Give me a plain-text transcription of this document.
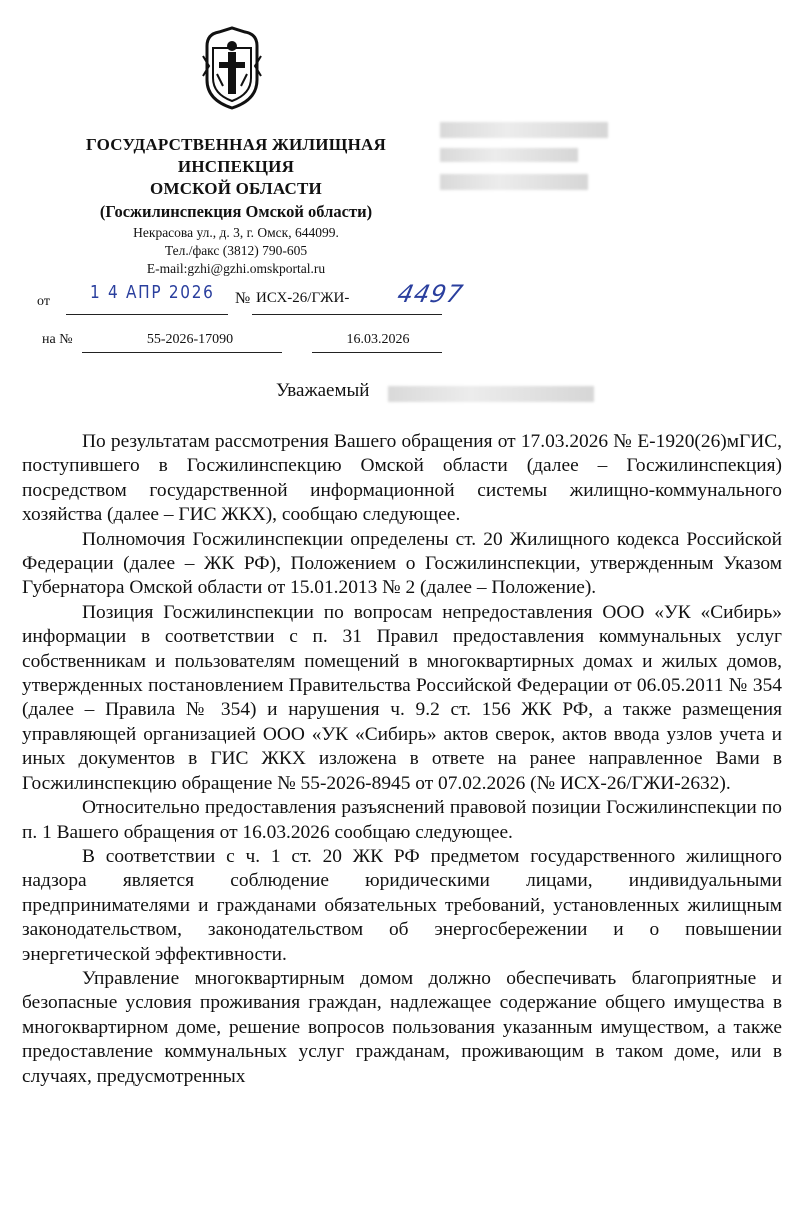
ГОСУДАРСТВЕННАЯ ЖИЛИЩНАЯ
ИНСПЕКЦИЯ
ОМСКОЙ ОБЛАСТИ
(Госжилинспекция Омской области)
Некрасова ул., д. 3, г. Омск, 644099.
Тел./факс (3812) 790-605
E-mail:gzhi@gzhi.omskportal.ru
от 1 4 АПР 2026 № ИСХ-26/ГЖИ- 4497
на №	55-2026-17090	16.03.2026
Уважаемый

По результатам рассмотрения Вашего обращения от 17.03.2026 № Е-1920(26)мГИС, поступившего в Госжилинспекцию Омской области (далее – Госжилинспекция) посредством государственной информационной системы жилищно-коммунального хозяйства (далее – ГИС ЖКХ), сообщаю следующее.

Полномочия Госжилинспекции определены ст. 20 Жилищного кодекса Российской Федерации (далее – ЖК РФ), Положением о Госжилинспекции, утвержденным Указом Губернатора Омской области от 15.01.2013 № 2 (далее – Положение).

Позиция Госжилинспекции по вопросам непредоставления ООО «УК «Сибирь» информации в соответствии с п. 31 Правил предоставления коммунальных услуг собственникам и пользователям помещений в многоквартирных домах и жилых домов, утвержденных постановлением Правительства Российской Федерации от 06.05.2011 № 354 (далее – Правила № 354) и нарушения ч. 9.2 ст. 156 ЖК РФ, а также размещения управляющей организацией ООО «УК «Сибирь» актов сверок, актов ввода узлов учета и иных документов в ГИС ЖКХ изложена в ответе на ранее направленное Вами в Госжилинспекцию обращение № 55-2026-8945 от 07.02.2026 (№ ИСХ-26/ГЖИ-2632).

Относительно предоставления разъяснений правовой позиции Госжилинспекции по п. 1 Вашего обращения от 16.03.2026 сообщаю следующее.

В соответствии с ч. 1 ст. 20 ЖК РФ предметом государственного жилищного надзора является соблюдение юридическими лицами, индивидуальными предпринимателями и гражданами обязательных требований, установленных жилищным законодательством, законодательством об энергосбережении и о повышении энергетической эффективности.

Управление многоквартирным домом должно обеспечивать благоприятные и безопасные условия проживания граждан, надлежащее содержание общего имущества в многоквартирном доме, решение вопросов пользования указанным имуществом, а также предоставление коммунальных услуг гражданам, проживающим в таком доме, или в случаях, предусмотренных
